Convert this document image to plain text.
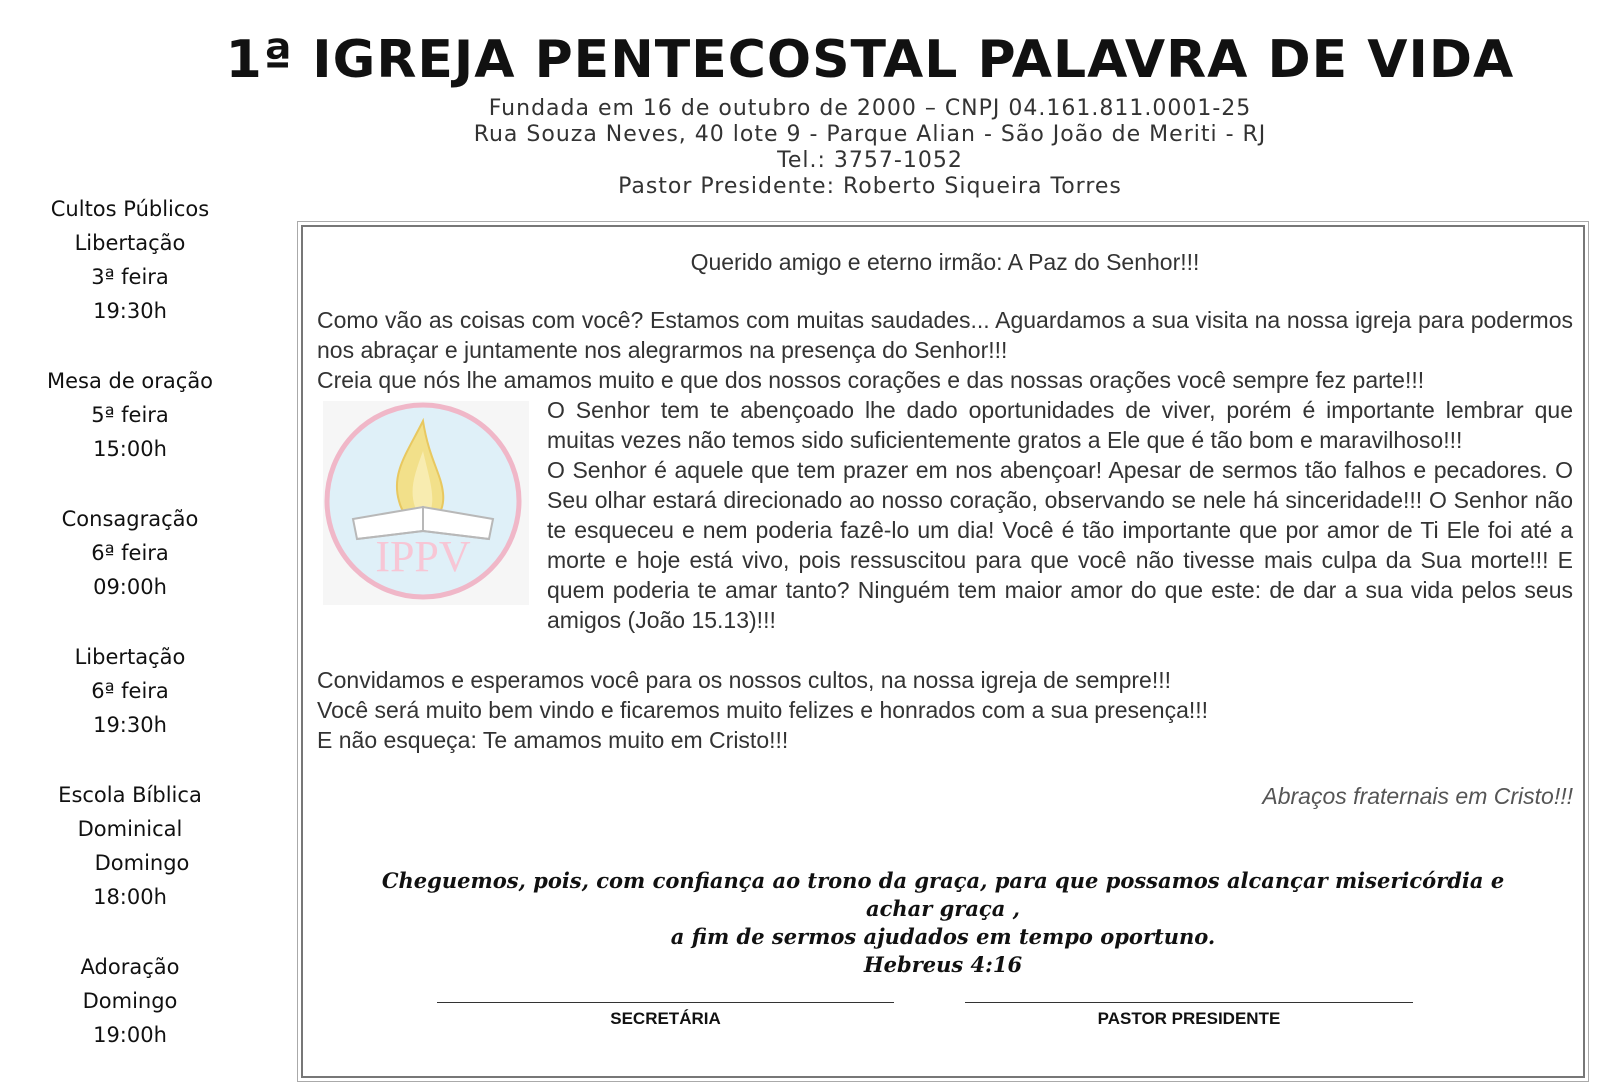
1ª IGREJA PENTECOSTAL PALAVRA DE VIDA
Fundada em 16 de outubro de 2000 – CNPJ 04.161.811.0001-25
Rua Souza Neves, 40 lote 9 - Parque Alian - São João de Meriti - RJ
Tel.: 3757-1052
Pastor Presidente: Roberto Siqueira Torres
Cultos Públicos
Libertação
3ª feira
19:30h
Mesa de oração
5ª feira
15:00h
Consagração
6ª feira
09:00h
Libertação
6ª feira
19:30h
Escola Bíblica
Dominical
Domingo
18:00h
Adoração
Domingo
19:00h

Querido amigo e eterno irmão: A Paz do Senhor!!!

Como vão as coisas com você? Estamos com muitas saudades... Aguardamos a sua visita na nossa igreja para podermos nos abraçar e juntamente nos alegrarmos na presença do Senhor!!!

Creia que nós lhe amamos muito e que dos nossos corações e das nossas orações você sempre fez parte!!!

IPPV

O Senhor tem te abençoado lhe dado oportunidades de viver, porém é importante lembrar que muitas vezes não temos sido suficientemente gratos a Ele que é tão bom e maravilhoso!!!

O Senhor é aquele que tem prazer em nos abençoar! Apesar de sermos tão falhos e pecadores. O Seu olhar estará direcionado ao nosso coração, observando se nele há sinceridade!!! O Senhor não te esqueceu e nem poderia fazê-lo um dia! Você é tão importante que por amor de Ti Ele foi até a morte e hoje está vivo, pois ressuscitou para que você não tivesse mais culpa da Sua morte!!! E quem poderia te amar tanto? Ninguém tem maior amor do que este: de dar a sua vida pelos seus amigos (João 15.13)!!!

Convidamos e esperamos você para os nossos cultos, na nossa igreja de sempre!!!

Você será muito bem vindo e ficaremos muito felizes e honrados com a sua presença!!!

E não esqueça: Te amamos muito em Cristo!!!

Abraços fraternais em Cristo!!!

Cheguemos, pois, com confiança ao trono da graça, para que possamos alcançar misericórdia e achar graça ,
a fim de sermos ajudados em tempo oportuno.
Hebreus 4:16
SECRETÁRIA	PASTOR PRESIDENTE
